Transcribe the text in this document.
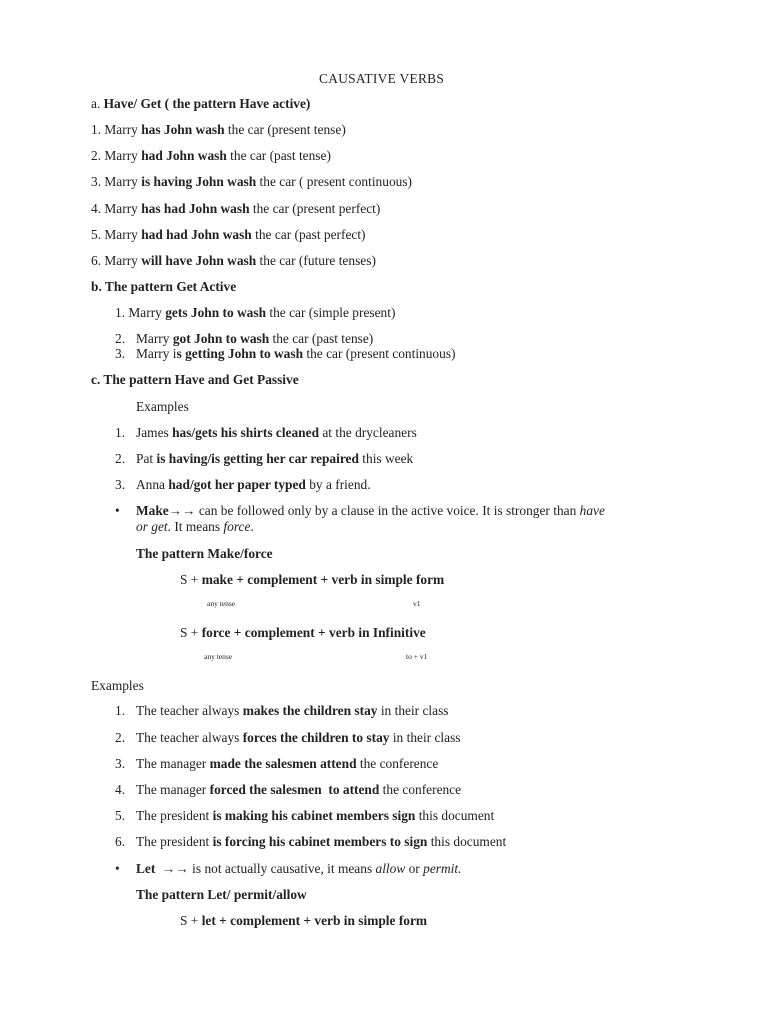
CAUSATIVE VERBS
a. Have/ Get ( the pattern Have active)
1. Marry has John wash the car (present tense)
2. Marry had John wash the car (past tense)
3. Marry is having John wash the car ( present continuous)
4. Marry has had John wash the car (present perfect)
5. Marry had had John wash the car (past perfect)
6. Marry will have John wash the car (future tenses)
b. The pattern Get Active
1. Marry gets John to wash the car (simple present)
2. Marry got John to wash the car (past tense)
3. Marry is getting John to wash the car (present continuous)
c. The pattern Have and Get Passive
Examples
1. James has/gets his shirts cleaned at the drycleaners
2. Pat is having/is getting her car repaired this week
3. Anna had/got her paper typed by a friend.
• Make→→ can be followed only by a clause in the active voice. It is stronger than have
or get. It means force.
The pattern Make/force
S + make + complement + verb in simple form
any tense	v1
S + force + complement + verb in Infinitive
any tense	to + v1
Examples
1. The teacher always makes the children stay in their class
2. The teacher always forces the children to stay in their class
3. The manager made the salesmen attend the conference
4. The manager forced the salesmen  to attend the conference
5. The president is making his cabinet members sign this document
6. The president is forcing his cabinet members to sign this document
• Let  →→ is not actually causative, it means allow or permit.
The pattern Let/ permit/allow
S + let + complement + verb in simple form
